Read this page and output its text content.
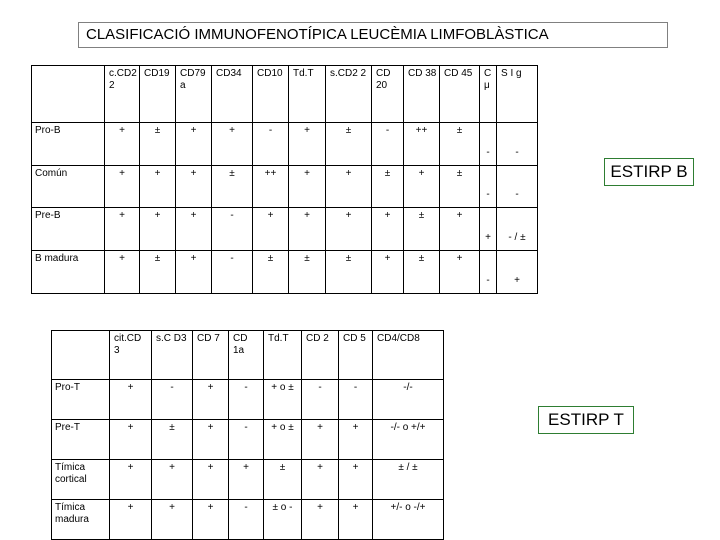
CLASIFICACIÓ IMMUNOFENOTÍPICA LEUCÈMIA LIMFOBLÀSTICA
	c.CD2 2	CD19	CD79 a	CD34	CD10	Td.T	s.CD2 2	CD 20	CD 38	CD 45	C μ	S I g
Pro-B	+	±	+	+	-	+	±	-	++	±	-	-
Común	+	+	+	±	++	+	+	±	+	±	-	-
Pre-B	+	+	+	-	+	+	+	+	±	+	+	- / ±
B madura	+	±	+	-	±	±	±	+	±	+	-	+
	cit.CD 3	s.C D3	CD 7	CD 1a	Td.T	CD 2	CD 5	CD4/CD8
Pro-T	+	-	+	-	+ o ±	-	-	-/-
Pre-T	+	±	+	-	+ o ±	+	+	-/- o +/+
Tímica cortical	+	+	+	+	±	+	+	± / ±
Tímica madura	+	+	+	-	± o -	+	+	+/- o -/+
ESTIRP B
ESTIRP T
